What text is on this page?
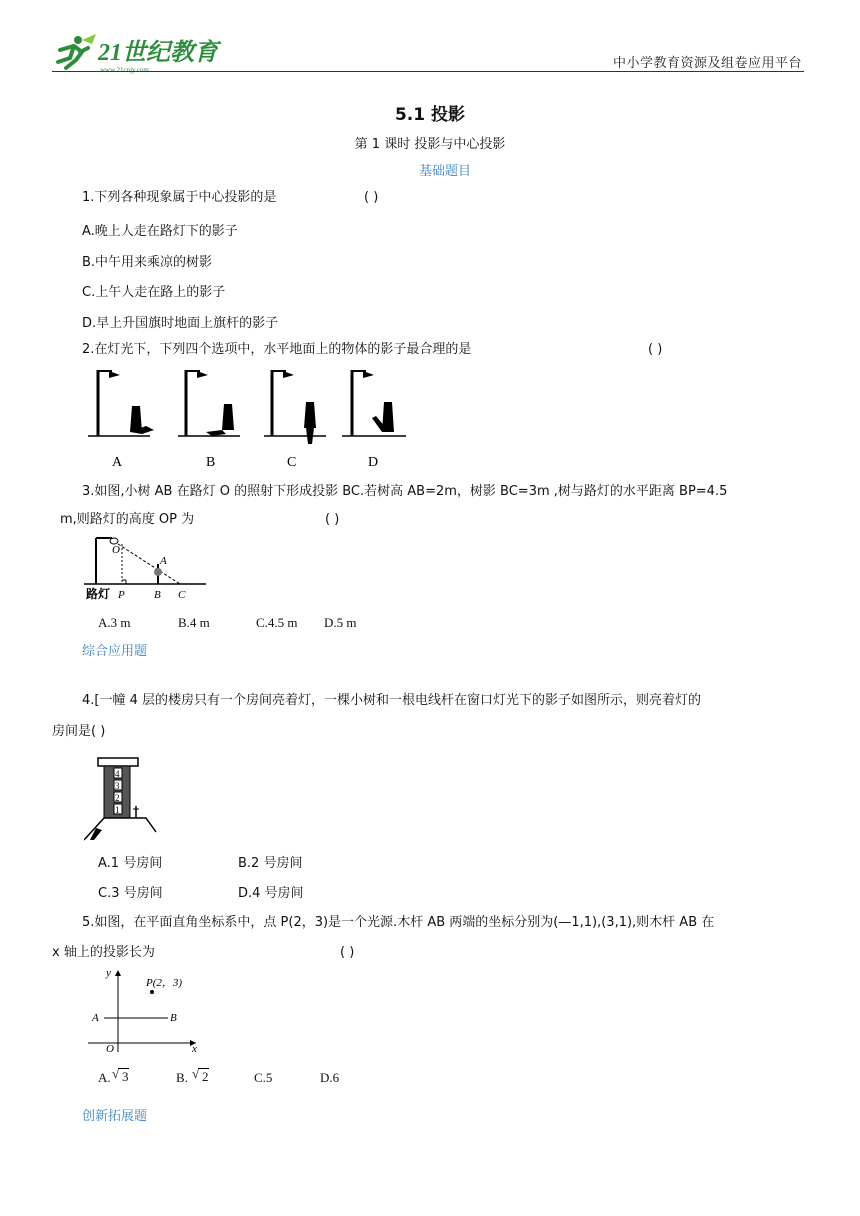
21世纪教育
www.21cnjy.com	中小学教育资源及组卷应用平台
5.1 投影
第 1 课时 投影与中心投影
基础题目
1.下列各种现象属于中心投影的是	( )
A.晚上人走在路灯下的影子
B.中午用来乘凉的树影
C.上午人走在路上的影子
D.早上升国旗时地面上旗杆的影子
2.在灯光下，下列四个选项中，水平地面上的物体的影子最合理的是	( )
A	B	C	D
3.如图,小树 AB 在路灯 O 的照射下形成投影 BC.若树高 AB=2m，树影 BC=3m ,树与路灯的水平距离 BP=4.5
m,则路灯的高度 OP 为	( )
O
A
路灯 P	B C
A.3 m	B.4 m	C.4.5 m D.5 m
综合应用题
4.[一幢 4 层的楼房只有一个房间亮着灯，一棵小树和一根电线杆在窗口灯光下的影子如图所示，则亮着灯的
房间是( )
4
3
2
1
A.1 号房间	B.2 号房间
C.3 号房间	D.4 号房间
5.如图，在平面直角坐标系中，点 P(2，3)是一个光源.木杆 AB 两端的坐标分别为(—1,1),(3,1),则木杆 AB 在
x 轴上的投影长为	( )
y
x
O
A	B
P(2，3)
A. √ 3	B. √ 2	C.5	D.6
创新拓展题
